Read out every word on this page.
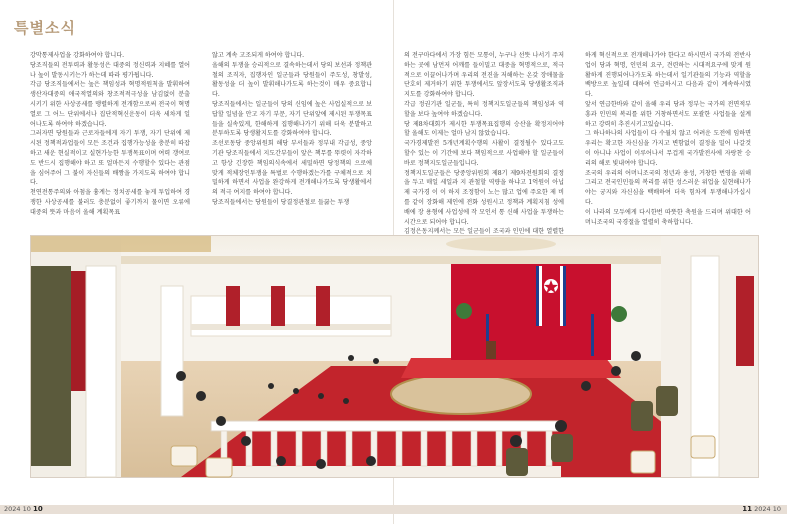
특별소식
강막통제사업을 강화하여야 합니다.
당조직들의 전투력과 활동성은 대중의 정신력과 지혜를 열어나 높이 발동시키는가 하는데 따라 평가됩니다.
각급 당조직들에서는 높은 책임성과 혁명적원칙을 발휘하여 생산자대중의 애국적열의와 창조적적극성을 남김없이 분출시키기 위한 사상공세를 맹렬하게 전개함으로써 전국이 혁명열로 그 어느 단위에서나 집단적혁신운동이 더욱 세차게 일어나도록 하여야 하겠습니다.
그러자면 당원들과 근로자들에게 자기 투쟁, 자기 단위에 제시된 정책적과업들이 모든 조건과 집행가능성을 충분히 따잡하고 새운 현실적이고 실현가능한 투쟁목표이며 여력 갱여로도 반드시 집행해야 하고 또 얼마든지 수행할수 있다는 관점을 심어주어 그 불이 자신들의 배짱을 가지도록 하여야 합니다.
천연전통주의와 아첨을 흉계는 정치공세를 놓게 투입하여 경쟁한 사상공세를 불러도 충분없이 좋기까지 물이면 오류에 대중의 뜻과 마음이 올해 계획목표
않고 계속 고조되게 하여야 합니다.
올해의 투쟁을 승리적으로 결속하는데서 당의 보선과 정책관철의 조직자, 집행자인 일군들과 당원들이 주도성, 창발성, 활동성을 더 높이 발휘해나가도록 하는것이 매우 중요합니다.
당조직들에서는 일군들이 당의 신임에 높은 사업실적으로 보답할 일념을 안고 자기 부문, 자기 단위앞에 제시된 투쟁목표들을 실속있게, 한해하게 집행해나가기 위해 더욱 분발하고 분투하도록 당생활지도를 강화하여야 합니다.
조선로동당 중앙위원회 해당 부서들과 정부내 각급성, 중앙기관 당조직들에서 지도간부들이 앞은 책무를 뚜렷이 자각하고 항상 긴장한 책임의식속에서 세밀하면 당정책의 으로에 맞게 적체장인투쟁을 특벌로 수행하겠는가를 구체적으로 치밀하게 하면서 사업을 완강하게 전개해나가도록 당생활에서의 적극 여지를 하여야 합니다.
당조직들에서는 당원들이 당결정관철로 들끓는 투쟁
의 전구마다에서 가장 힘든 모통이, 누구나 선뜻 나서기 주저하는 곳에 남먼저 어깨를 들이밀고 대중을 혁명적으로, 적극적으로 이끌어나가며 우리의 전진을 저해하는 온갖 장애물을 단호히 제거하기 위한 투쟁에서도 앞장서도록 당생활조직과 지도를 강화하여야 합니다.
각급 정권기관 일군들, 특히 정책지도일군들의 책임성과 역할을 보다 높여야 하겠습니다.
당 제8차대회가 제시한 투쟁목표집행의 승산을 확정지어야 할 올해도 이제는 얼마 남지 않았습니다.
국가경제발전 5개년계획수행의 사활이 결정될수 있다고도 할수 있는 이 기간에 보다 책임적으로 사업해야 할 일군들이 바로 정책지도일군들입니다.
정책지도일군들은 당중앙위원회 제8기 제9차전원회의 결정을 두고 매일 세일과 지 관철할 역량을 하냐고 1억원이 아닙 제 국가경 이 이 하지 조정함이 노는 많고 업에 주요한 제 비를 같이 장화해 제인에 전화 성원시고 정책과 계획지침 성에 배에 장 용형에 사업성에 작 모인서 통 신해 사업을 투쟁하는 시간으로 되어야 합니다.
김정은동지께서는 모든 일군들이 조국과 인민에 대한 열렬한
하게 혁신적으로 전개해나가야 한다고 하시면서 국가의 전반사업이 당과 혁명, 인민의 요구, 견련하는 시대적요구에 맞게 원활하게 진행되어나가도록 하는데서 일기관들의 기능과 역할을 백방으로 높일데 대하여 언급하시고 다음과 같이 계속하시였다.
앞서 연급한바와 같이 올해 우리 당과 정부는 국가의 전면적부흥과 인민의 복리를 위한 거창하면서도 포괄한 사업들을 설계하고 강력히 추진시키고있습니다.
그 하나하나의 사업들이 다 수월치 않고 어려운 도전에 임하면 우리는 확고한 자신심을 가지고 변함없이 결정을 밀어 나갈것이 아니냐 사업이 이루어나서 무겁게 국가발전사에 자랑찬 승리의 해로 빛내여야 합니다.
조국의 우리의 어머니조국의 청년과 용성, 거창한 번영을 위해 그리고 전국인민들의 복리를 위한 성스러운 위업을 실현해나가야는 궁지와 자신심을 백배하여 더욱 힘차게 투쟁해나가십시다.
이 나라의 모두에게 다시한번 따뜻한 축원을 드리며 위대한 어머니조국의 국경절을 열렬히 축하합니다.
2024 10 10	11 2024 10
